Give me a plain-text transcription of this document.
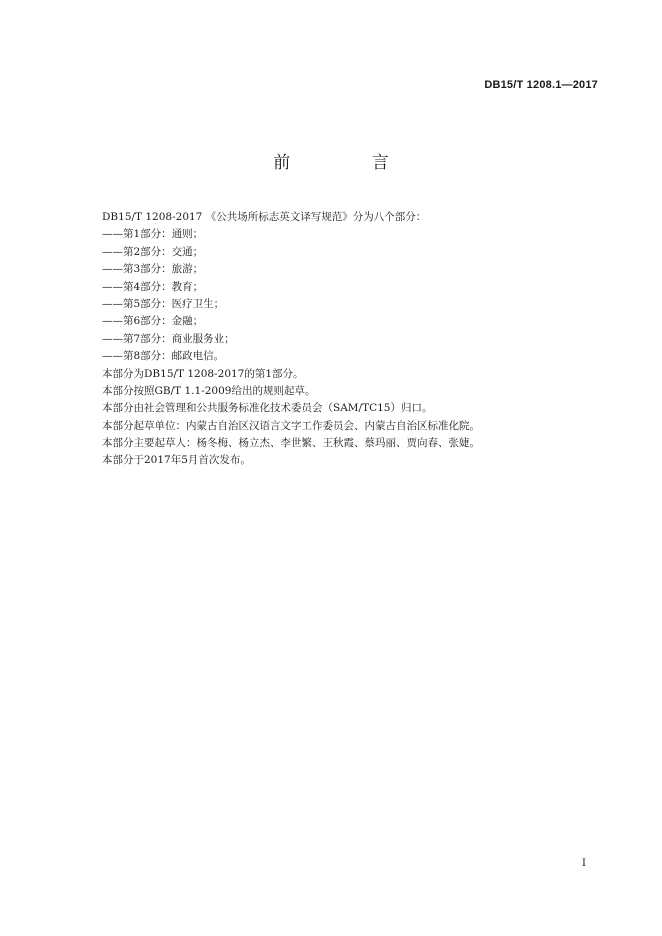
DB15/T 1208.1—2017
前 言
DB15/T 1208-2017 《公共场所标志英文译写规范》分为八个部分：
——第1部分：通则；
——第2部分：交通；
——第3部分：旅游；
——第4部分：教育；
——第5部分：医疗卫生；
——第6部分：金融；
——第7部分：商业服务业；
——第8部分：邮政电信。
本部分为DB15/T 1208-2017的第1部分。
本部分按照GB/T 1.1-2009给出的规则起草。
本部分由社会管理和公共服务标准化技术委员会（SAM/TC15）归口。
本部分起草单位：内蒙古自治区汉语言文字工作委员会、内蒙古自治区标准化院。
本部分主要起草人：杨冬梅、杨立杰、李世繁、王秋霞、蔡玛丽、贾向春、张婕。
本部分于2017年5月首次发布。
I
